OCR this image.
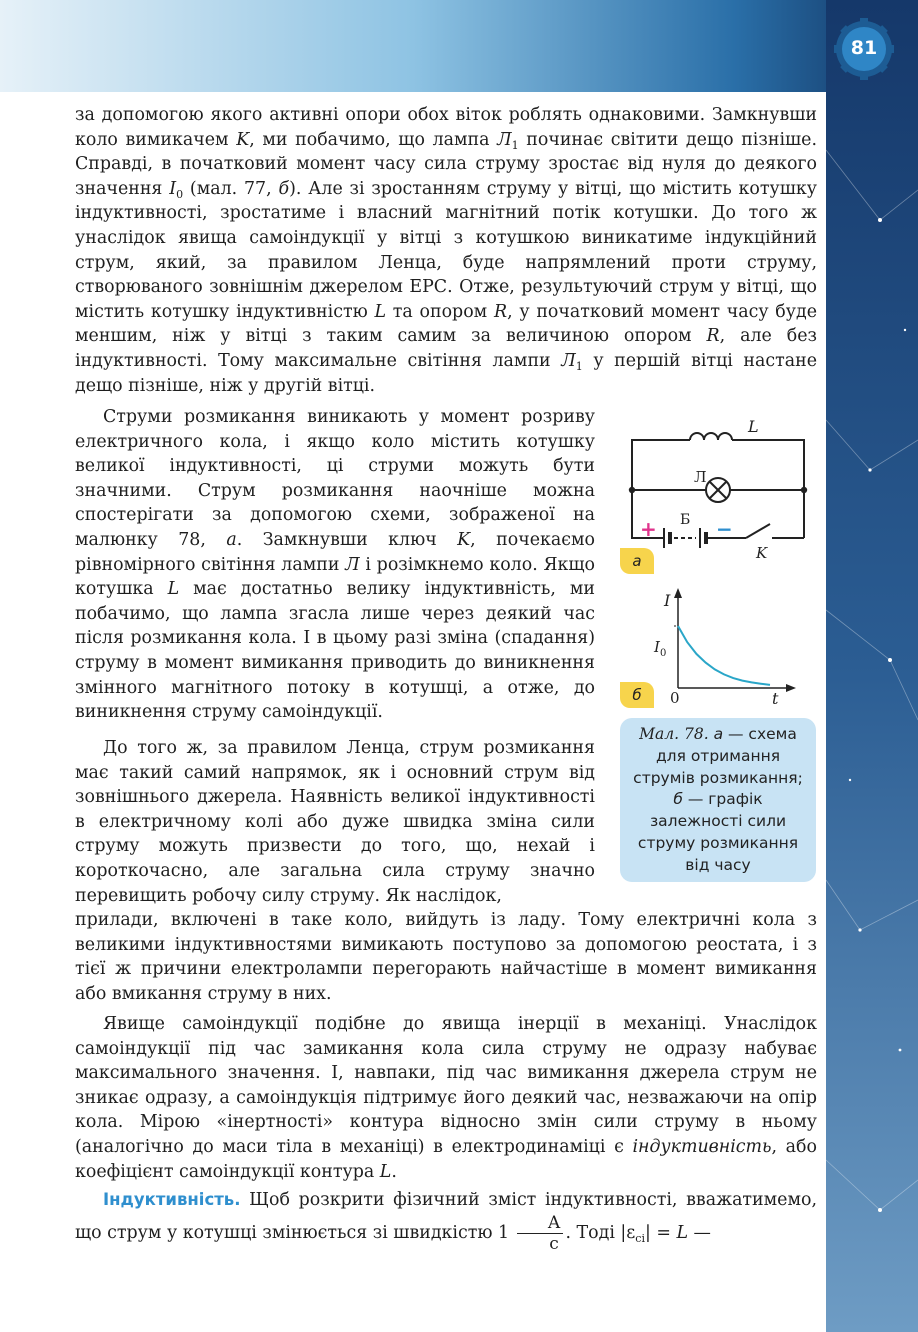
81

за допомогою якого активні опори обох віток роблять однаковими. Замкнувши коло вимикачем K, ми побачимо, що лампа $Л_1$ починає світити дещо пізніше. Справді, в початковий момент часу сила струму зростає від нуля до деякого значення $I_0$ (мал. 77, б). Але зі зростанням струму у вітці, що містить котушку індуктивності, зростатиме і власний магнітний потік котушки. До того ж унаслідок явища самоіндукції у вітці з котушкою виникатиме індукційний струм, який, за правилом Ленца, буде напрямлений проти струму, створюваного зовнішнім джерелом ЕРС. Отже, результуючий струм у вітці, що містить котушку індуктивністю L та опором R, у початковий момент часу буде меншим, ніж у вітці з таким самим за величиною опором R, але без індуктивності. Тому максимальне світіння лампи $Л_1$ у першій вітці настане дещо пізніше, ніж у другій вітці.

Струми розмикання виникають у момент розриву електричного кола, і якщо коло містить котушку великої індуктивності, ці струми можуть бути значними. Струм розмикання наочніше можна спостерігати за допомогою схеми, зображеної на малюнку 78, а. Замкнувши ключ K, почекаємо рівномірного світіння лампи Л і розімкнемо коло. Якщо котушка L має достатньо велику індуктивність, ми побачимо, що лампа згасла лише через деякий час після розмикання кола. І в цьому разі зміна (спадання) струму в момент вимикання приводить до виникнення змінного магнітного потоку в котушці, а отже, до виникнення струму самоіндукції.

До того ж, за правилом Ленца, струм розмикання має такий самий напрямок, як і основний струм від зовнішнього джерела. Наявність великої індуктивності в електричному колі або дуже швидка зміна сили струму можуть призвести до того, що, нехай і короткочасно, але загальна сила струму значно перевищить робочу силу струму. Як наслідок,

прилади, включені в таке коло, вийдуть із ладу. Тому електричні кола з великими індуктивностями вимикають поступово за допомогою реостата, і з тієї ж причини електролампи перегорають найчастіше в момент вимикання або вмикання струму в них.

Явище самоіндукції подібне до явища інерції в механіці. Унаслідок самоіндукції під час замикання кола сила струму не одразу набуває максимального значення. І, навпаки, під час вимикання джерела струм не зникає одразу, а самоіндукція підтримує його деякий час, незважаючи на опір кола. Мірою «інертності» контура відносно змін сили струму в ньому (аналогічно до маси тіла в механіці) в електродинаміці є індуктивність, або коефіцієнт самоіндукції контура L.

Індуктивність. Щоб розкрити фізичний зміст індуктивності, вважатимемо, що струм у котушці змінюється зі швидкістю $1 \frac{А}{с}$ . Тоді $|\varepsilon_{сі}| = L$ —

L
Л
Б
+	−
K
а
I
t
0
$I_0$
б
Мал. 78. а — схема
для отримання
струмів розмикання;
б — графік
залежності сили
струму розмикання
від часу
